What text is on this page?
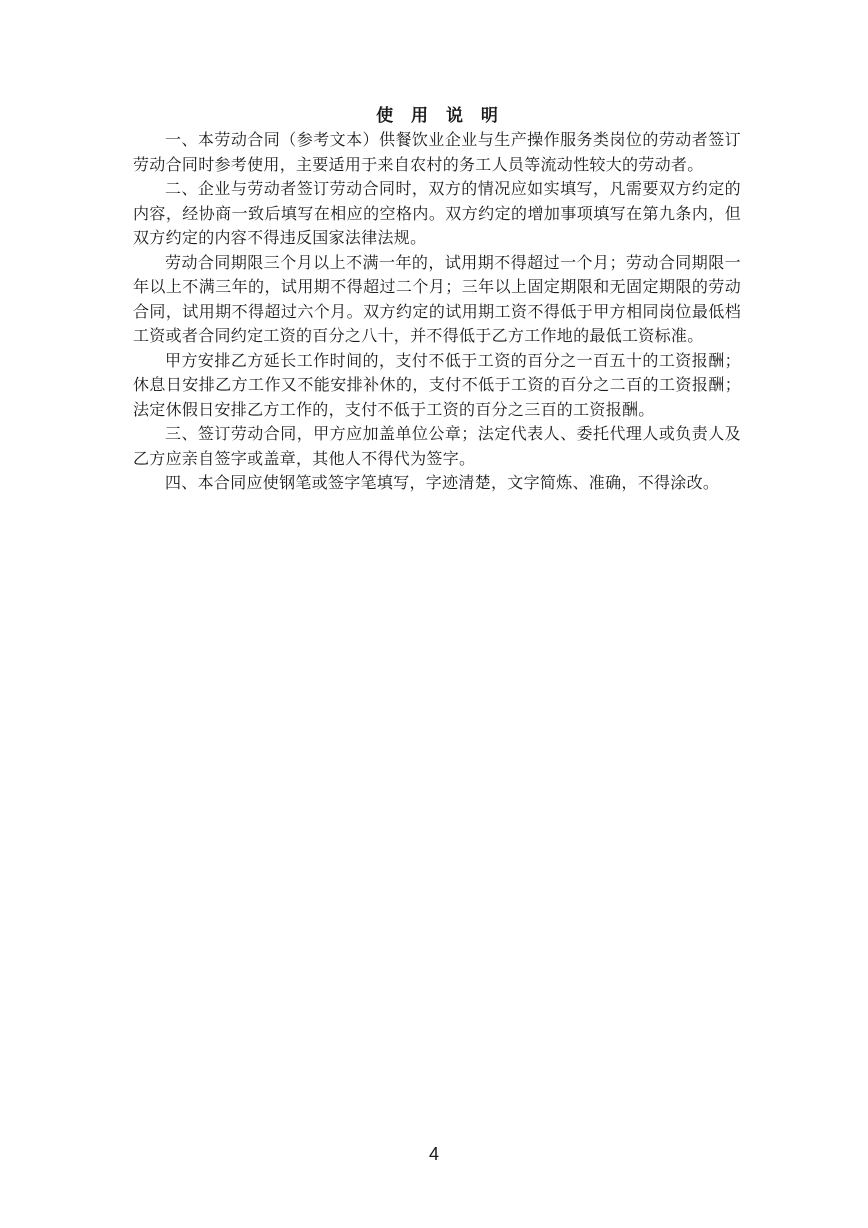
使 用 说 明

一、本劳动合同（参考文本）供餐饮业企业与生产操作服务类岗位的劳动者签订劳动合同时参考使用，主要适用于来自农村的务工人员等流动性较大的劳动者。

二、企业与劳动者签订劳动合同时，双方的情况应如实填写，凡需要双方约定的内容，经协商一致后填写在相应的空格内。双方约定的增加事项填写在第九条内，但双方约定的内容不得违反国家法律法规。

劳动合同期限三个月以上不满一年的，试用期不得超过一个月；劳动合同期限一年以上不满三年的，试用期不得超过二个月；三年以上固定期限和无固定期限的劳动合同，试用期不得超过六个月。双方约定的试用期工资不得低于甲方相同岗位最低档工资或者合同约定工资的百分之八十，并不得低于乙方工作地的最低工资标准。

甲方安排乙方延长工作时间的，支付不低于工资的百分之一百五十的工资报酬；休息日安排乙方工作又不能安排补休的，支付不低于工资的百分之二百的工资报酬；法定休假日安排乙方工作的，支付不低于工资的百分之三百的工资报酬。

三、签订劳动合同，甲方应加盖单位公章；法定代表人、委托代理人或负责人及乙方应亲自签字或盖章，其他人不得代为签字。

四、本合同应使钢笔或签字笔填写，字迹清楚，文字简炼、准确，不得涂改。

4
